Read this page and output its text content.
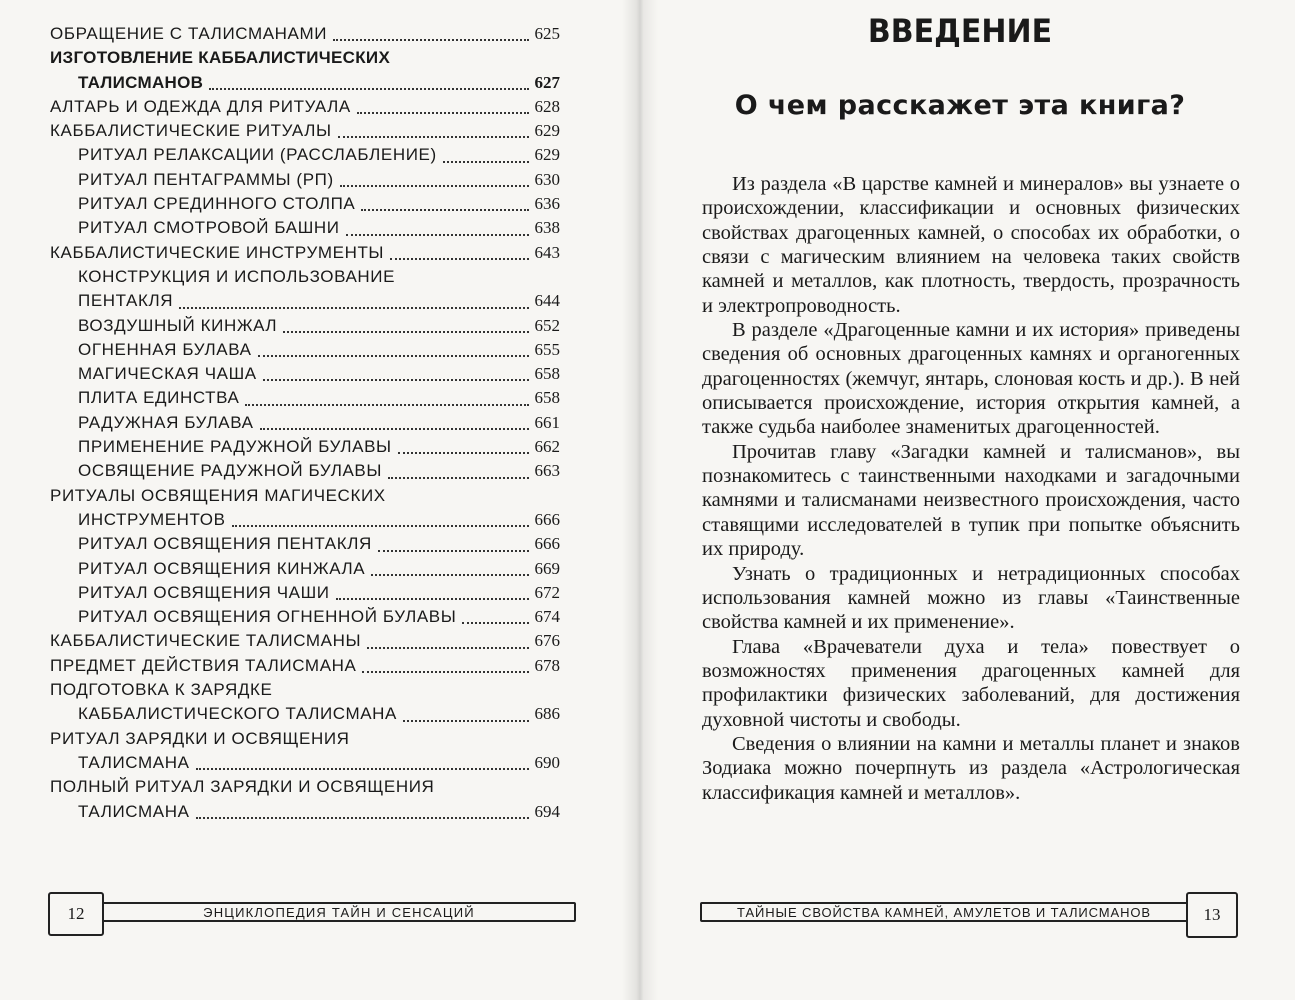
ОБРАЩЕНИЕ С ТАЛИСМАНАМИ	625
ИЗГОТОВЛЕНИЕ КАББАЛИСТИЧЕСКИХ
ТАЛИСМАНОВ	627
АЛТАРЬ И ОДЕЖДА ДЛЯ РИТУАЛА	628
КАББАЛИСТИЧЕСКИЕ РИТУАЛЫ	629
РИТУАЛ РЕЛАКСАЦИИ (РАССЛАБЛЕНИЕ)	629
РИТУАЛ ПЕНТАГРАММЫ (РП)	630
РИТУАЛ СРЕДИННОГО СТОЛПА	636
РИТУАЛ СМОТРОВОЙ БАШНИ	638
КАББАЛИСТИЧЕСКИЕ ИНСТРУМЕНТЫ	643
КОНСТРУКЦИЯ И ИСПОЛЬЗОВАНИЕ
ПЕНТАКЛЯ	644
ВОЗДУШНЫЙ КИНЖАЛ	652
ОГНЕННАЯ БУЛАВА	655
МАГИЧЕСКАЯ ЧАША	658
ПЛИТА ЕДИНСТВА	658
РАДУЖНАЯ БУЛАВА	661
ПРИМЕНЕНИЕ РАДУЖНОЙ БУЛАВЫ	662
ОСВЯЩЕНИЕ РАДУЖНОЙ БУЛАВЫ	663
РИТУАЛЫ ОСВЯЩЕНИЯ МАГИЧЕСКИХ
ИНСТРУМЕНТОВ	666
РИТУАЛ ОСВЯЩЕНИЯ ПЕНТАКЛЯ	666
РИТУАЛ ОСВЯЩЕНИЯ КИНЖАЛА	669
РИТУАЛ ОСВЯЩЕНИЯ ЧАШИ	672
РИТУАЛ ОСВЯЩЕНИЯ ОГНЕННОЙ БУЛАВЫ	674
КАББАЛИСТИЧЕСКИЕ ТАЛИСМАНЫ	676
ПРЕДМЕТ ДЕЙСТВИЯ ТАЛИСМАНА	678
ПОДГОТОВКА К ЗАРЯДКЕ
КАББАЛИСТИЧЕСКОГО ТАЛИСМАНА	686
РИТУАЛ ЗАРЯДКИ И ОСВЯЩЕНИЯ
ТАЛИСМАНА	690
ПОЛНЫЙ РИТУАЛ ЗАРЯДКИ И ОСВЯЩЕНИЯ
ТАЛИСМАНА	694
ЭНЦИКЛОПЕДИЯ ТАЙН И СЕНСАЦИЙ
12
ВВЕДЕНИЕ
О чем расскажет эта книга?

Из раздела «В царстве камней и минералов» вы узнаете о происхождении, классификации и основных физических свойствах драгоценных камней, о способах их обработки, о связи с магическим влиянием на человека таких свойств камней и металлов, как плотность, твердость, прозрачность и электропроводность.

В разделе «Драгоценные камни и их история» приведены сведения об основных драгоценных камнях и органогенных драгоценностях (жемчуг, янтарь, слоновая кость и др.). В ней описывается происхождение, история открытия камней, а также судьба наиболее знаменитых драгоценностей.

Прочитав главу «Загадки камней и талисманов», вы познакомитесь с таинственными находками и загадочными камнями и талисманами неизвестного происхождения, часто ставящими исследователей в тупик при попытке объяснить их природу.

Узнать о традиционных и нетрадиционных способах использования камней можно из главы «Таинственные свойства камней и их применение».

Глава «Врачеватели духа и тела» повествует о возможностях применения драгоценных камней для профилактики физических заболеваний, для достижения духовной чистоты и свободы.

Сведения о влиянии на камни и металлы планет и знаков Зодиака можно почерпнуть из раздела «Астрологическая классификация камней и металлов».

ТАЙНЫЕ СВОЙСТВА КАМНЕЙ, АМУЛЕТОВ И ТАЛИСМАНОВ	13
